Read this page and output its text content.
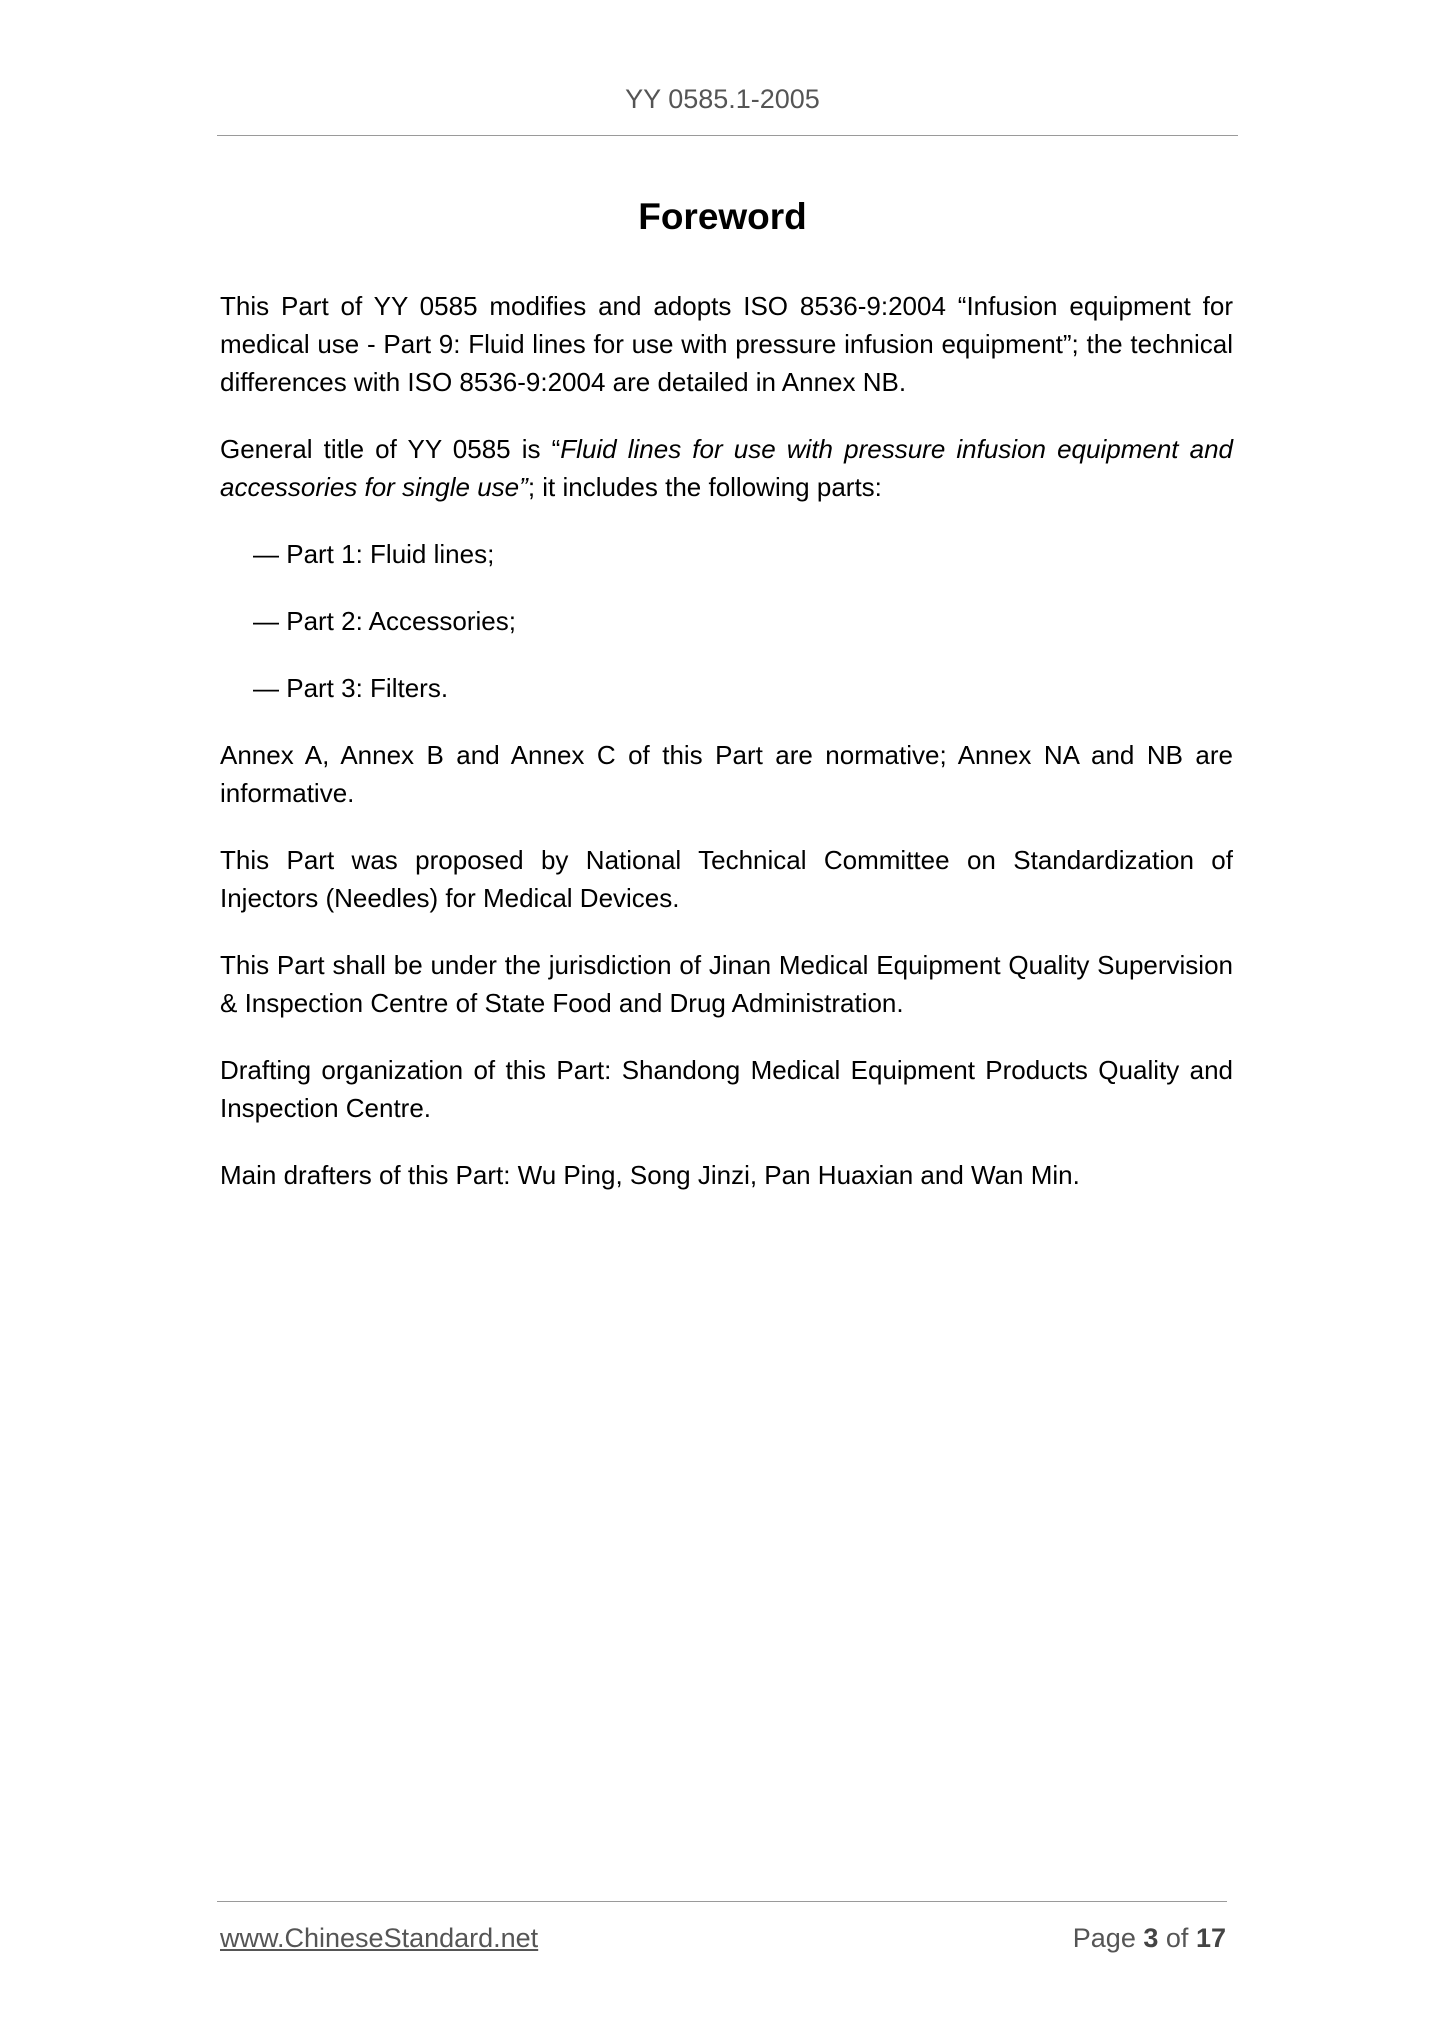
YY 0585.1-2005
Foreword

This Part of YY 0585 modifies and adopts ISO 8536-9:2004 “Infusion equipment for medical use - Part 9: Fluid lines for use with pressure infusion equipment”; the technical differences with ISO 8536-9:2004 are detailed in Annex NB.

General title of YY 0585 is “Fluid lines for use with pressure infusion equipment and accessories for single use”; it includes the following parts:

— Part 1: Fluid lines;
— Part 2: Accessories;
— Part 3: Filters.

Annex A, Annex B and Annex C of this Part are normative; Annex NA and NB are informative.

This Part was proposed by National Technical Committee on Standardization of Injectors (Needles) for Medical Devices.

This Part shall be under the jurisdiction of Jinan Medical Equipment Quality Supervision & Inspection Centre of State Food and Drug Administration.

Drafting organization of this Part: Shandong Medical Equipment Products Quality and Inspection Centre.

Main drafters of this Part: Wu Ping, Song Jinzi, Pan Huaxian and Wan Min.

www.ChineseStandard.net	Page 3 of 17
